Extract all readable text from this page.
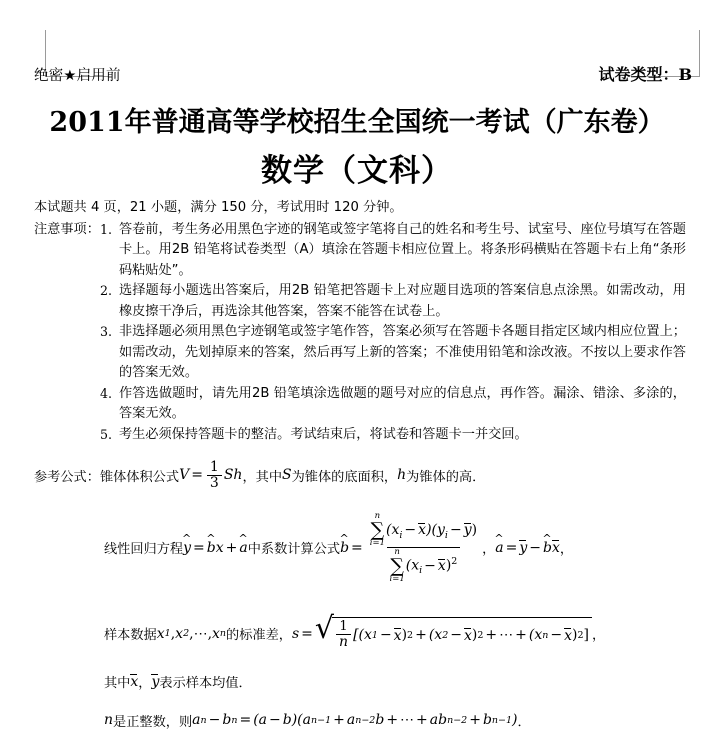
绝密★启用前	试卷类型：B
2011年普通高等学校招生全国统一考试（广东卷）
数学（文科）
本试题共 4 页，21 小题，满分 150 分，考试用时 120 分钟。
注意事项： 1. 答卷前，考生务必用黑色字迹的钢笔或签字笔将自己的姓名和考生号、试室号、座位号填写在答题卡上。用2B 铅笔将试卷类型（A）填涂在答题卡相应位置上。将条形码横贴在答题卡右上角“条形码粘贴处”。
2. 选择题每小题选出答案后，用2B 铅笔把答题卡上对应题目选项的答案信息点涂黑。如需改动，用橡皮擦干净后，再选涂其他答案，答案不能答在试卷上。
3. 非选择题必须用黑色字迹钢笔或签字笔作答，答案必须写在答题卡各题目指定区域内相应位置上；如需改动，先划掉原来的答案，然后再写上新的答案；不准使用铅笔和涂改液。不按以上要求作答的答案无效。
4. 作答选做题时，请先用2B 铅笔填涂选做题的题号对应的信息点，再作答。漏涂、错涂、多涂的，答案无效。
5. 考生必须保持答题卡的整洁。考试结束后，将试卷和答题卡一并交回。
参考公式： 锥体体积公式 $V = \frac{1}{3}$ Sh ， 其中 S 为锥体的底面积， h 为锥体的高．
线性回归方程 ^ y = ^ b x + ^ a 中系数计算公式 ^ b = n
∑
i=1
$(x_i - x)(y_i - y)$
n
∑
i=1
$(x_i - x)^2$ ， ^ a = y − ^ b x ，
样本数据 x 1 , x 2 , ⋯ , x n 的标准差， s = √ $\frac{1}{n} [(x$ 1 − x ) 2 + (x 2 − x ) 2 + ⋯ + (x n − x ) 2 ] ，
其中 x ， y 表示样本均值．
n 是正整数，则 a n − b n = (a − b )(a n−1 + a n−2 b + ⋯ + ab n−2 + b n−1 ) ．
